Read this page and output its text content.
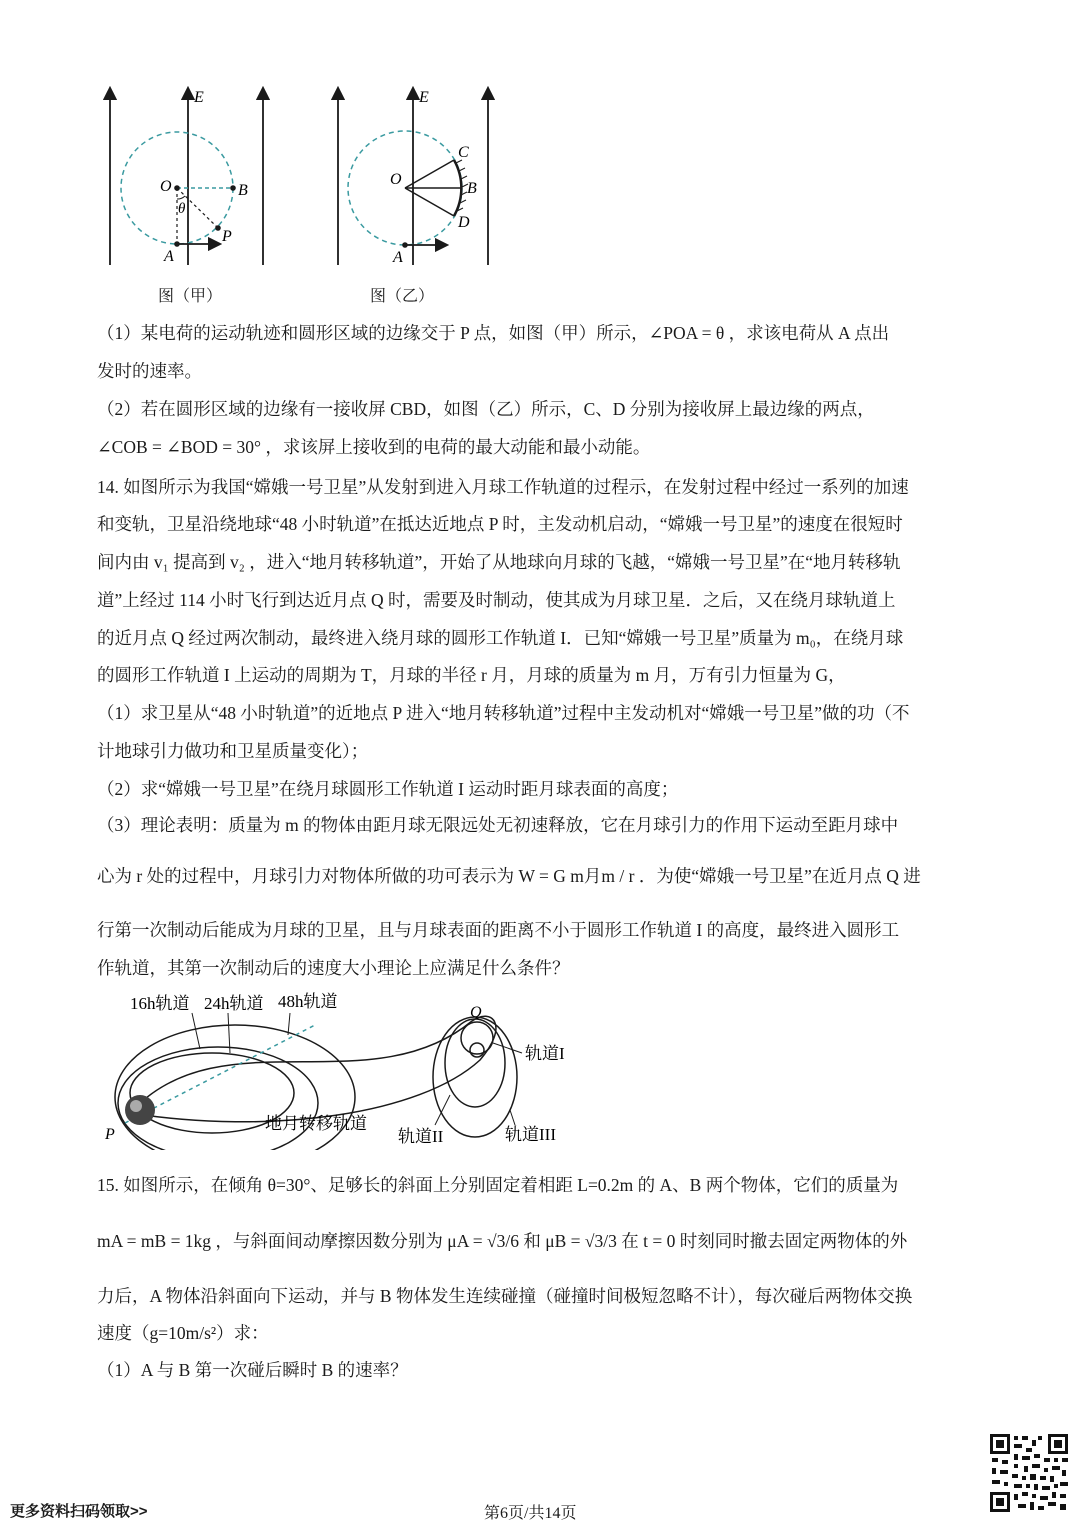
E
O	B
θ
P
A
图（甲）
E
O
C
B
D
A
图（乙）
（1）某电荷的运动轨迹和圆形区域的边缘交于 P 点，如图（甲）所示，∠POA = θ ，求该电荷从 A 点出
发时的速率。
（2）若在圆形区域的边缘有一接收屏 CBD，如图（乙）所示，C、D 分别为接收屏上最边缘的两点，
∠COB = ∠BOD = 30° ，求该屏上接收到的电荷的最大动能和最小动能。
14. 如图所示为我国“嫦娥一号卫星”从发射到进入月球工作轨道的过程示，在发射过程中经过一系列的加速
和变轨，卫星沿绕地球“48 小时轨道”在抵达近地点 P 时，主发动机启动，“嫦娥一号卫星”的速度在很短时
间内由 v₁ 提高到 v₂ ，进入“地月转移轨道”，开始了从地球向月球的飞越，“嫦娥一号卫星”在“地月转移轨
道”上经过 114 小时飞行到达近月点 Q 时，需要及时制动，使其成为月球卫星．之后，又在绕月球轨道上
的近月点 Q 经过两次制动，最终进入绕月球的圆形工作轨道 I．已知“嫦娥一号卫星”质量为 m₀，在绕月球
的圆形工作轨道 I 上运动的周期为 T，月球的半径 r 月，月球的质量为 m 月，万有引力恒量为 G，
（1）求卫星从“48 小时轨道”的近地点 P 进入“地月转移轨道”过程中主发动机对“嫦娥一号卫星”做的功（不
计地球引力做功和卫星质量变化）；
（2）求“嫦娥一号卫星”在绕月球圆形工作轨道 I 运动时距月球表面的高度；
（3）理论表明：质量为 m 的物体由距月球无限远处无初速释放，它在月球引力的作用下运动至距月球中
心为 r 处的过程中，月球引力对物体所做的功可表示为 W = G m月m / r ．为使“嫦娥一号卫星”在近月点 Q 进
行第一次制动后能成为月球的卫星，且与月球表面的距离不小于圆形工作轨道 I 的高度，最终进入圆形工
作轨道，其第一次制动后的速度大小理论上应满足什么条件？
16h轨道 24h轨道 48h轨道
Q
P
轨道I
地月转移轨道
轨道II	轨道III
15. 如图所示，在倾角 θ=30°、足够长的斜面上分别固定着相距 L=0.2m 的 A、B 两个物体，它们的质量为
mA = mB = 1kg ，与斜面间动摩擦因数分别为 μA = √3/6 和 μB = √3/3 在 t = 0 时刻同时撤去固定两物体的外
力后，A 物体沿斜面向下运动，并与 B 物体发生连续碰撞（碰撞时间极短忽略不计），每次碰后两物体交换
速度（g=10m/s²）求：
（1）A 与 B 第一次碰后瞬时 B 的速率？
更多资料扫码领取>>	第6页/共14页
